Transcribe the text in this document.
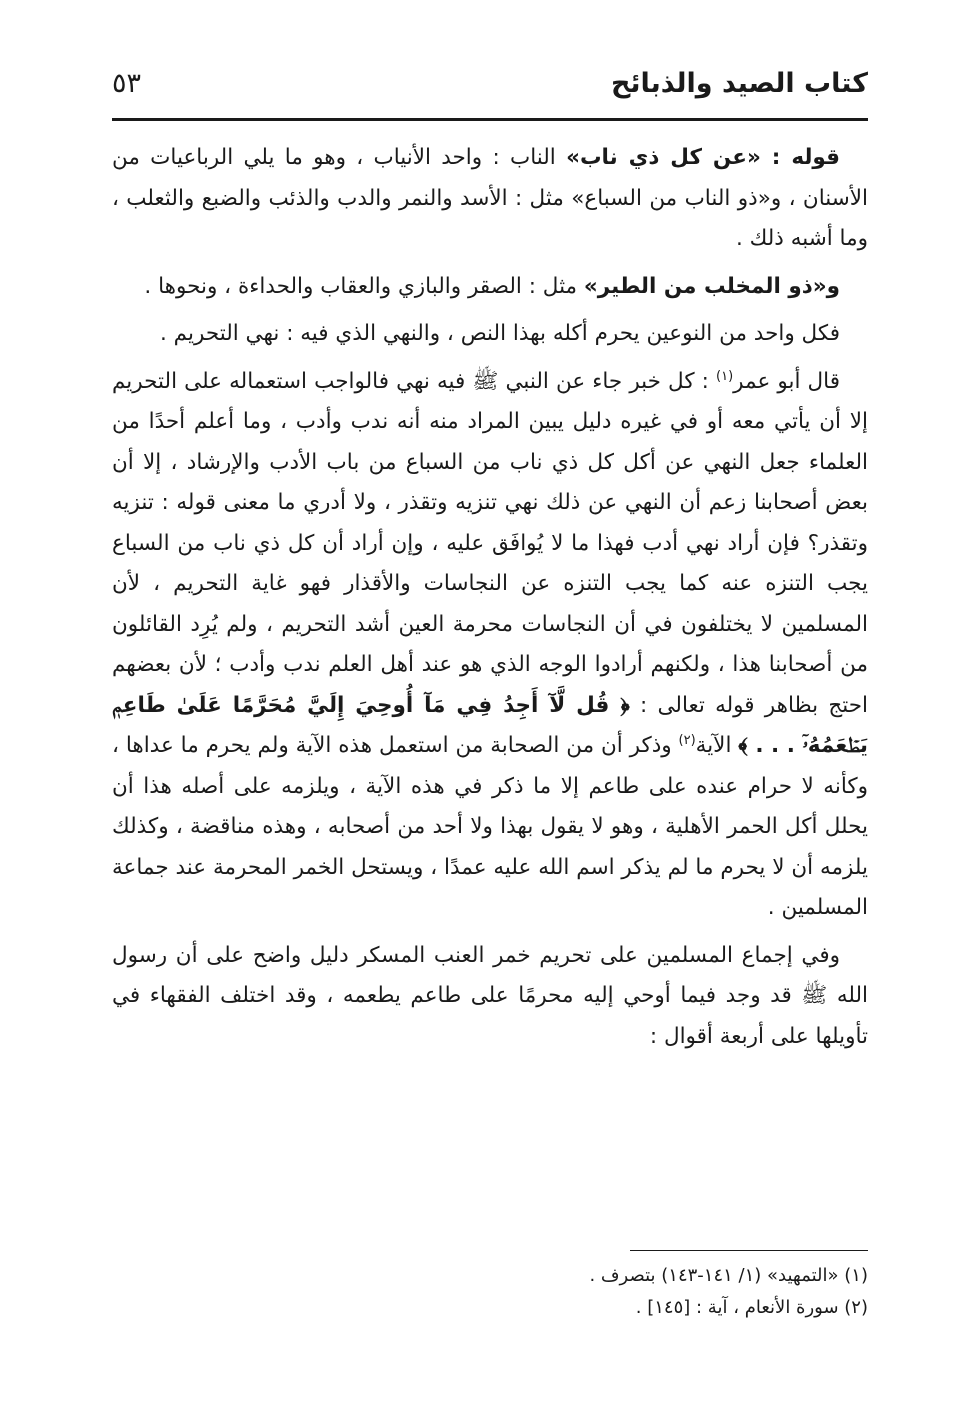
كتاب الصيد والذبائح
٥٣

قوله : «عن كل ذي ناب» الناب : واحد الأنياب ، وهو ما يلي الرباعيات من الأسنان ، و«ذو الناب من السباع» مثل : الأسد والنمر والدب والذئب والضبع والثعلب ، وما أشبه ذلك .

و«ذو المخلب من الطير» مثل : الصقر والبازي والعقاب والحداءة ، ونحوها .

فكل واحد من النوعين يحرم أكله بهذا النص ، والنهي الذي فيه : نهي التحريم .

قال أبو عمر$^{(١)}$ : كل خبر جاء عن النبي ﷺ فيه نهي فالواجب استعماله على التحريم إلا أن يأتي معه أو في غيره دليل يبين المراد منه أنه ندب وأدب ، وما أعلم أحدًا من العلماء جعل النهي عن أكل كل ذي ناب من السباع من باب الأدب والإرشاد ، إلا أن بعض أصحابنا زعم أن النهي عن ذلك نهي تنزيه وتقذر ، ولا أدري ما معنى قوله : تنزيه وتقذر؟ فإن أراد نهي أدب فهذا ما لا يُوافَق عليه ، وإن أراد أن كل ذي ناب من السباع يجب التنزه عنه كما يجب التنزه عن النجاسات والأقذار فهو غاية التحريم ، لأن المسلمين لا يختلفون في أن النجاسات محرمة العين أشد التحريم ، ولم يُرِد القائلون من أصحابنا هذا ، ولكنهم أرادوا الوجه الذي هو عند أهل العلم ندب وأدب ؛ لأن بعضهم احتج بظاهر قوله تعالى : ﴿ قُل لَّآ أَجِدُ فِي مَآ أُوحِيَ إِلَيَّ مُحَرَّمًا عَلَىٰ طَاعِمٖ يَطۡعَمُهُۥٓ . . . ﴾ الآية$^{(٢)}$ وذكر أن من الصحابة من استعمل هذه الآية ولم يحرم ما عداها ، وكأنه لا حرام عنده على طاعم إلا ما ذكر في هذه الآية ، ويلزمه على أصله هذا أن يحلل أكل الحمر الأهلية ، وهو لا يقول بهذا ولا أحد من أصحابه ، وهذه مناقضة ، وكذلك يلزمه أن لا يحرم ما لم يذكر اسم الله عليه عمدًا ، ويستحل الخمر المحرمة عند جماعة المسلمين .

وفي إجماع المسلمين على تحريم خمر العنب المسكر دليل واضح على أن رسول الله ﷺ قد وجد فيما أوحي إليه محرمًا على طاعم يطعمه ، وقد اختلف الفقهاء في تأويلها على أربعة أقوال :

(١) «التمهيد» (١/ ١٤١-١٤٣) بتصرف .
(٢) سورة الأنعام ، آية : [١٤٥] .
